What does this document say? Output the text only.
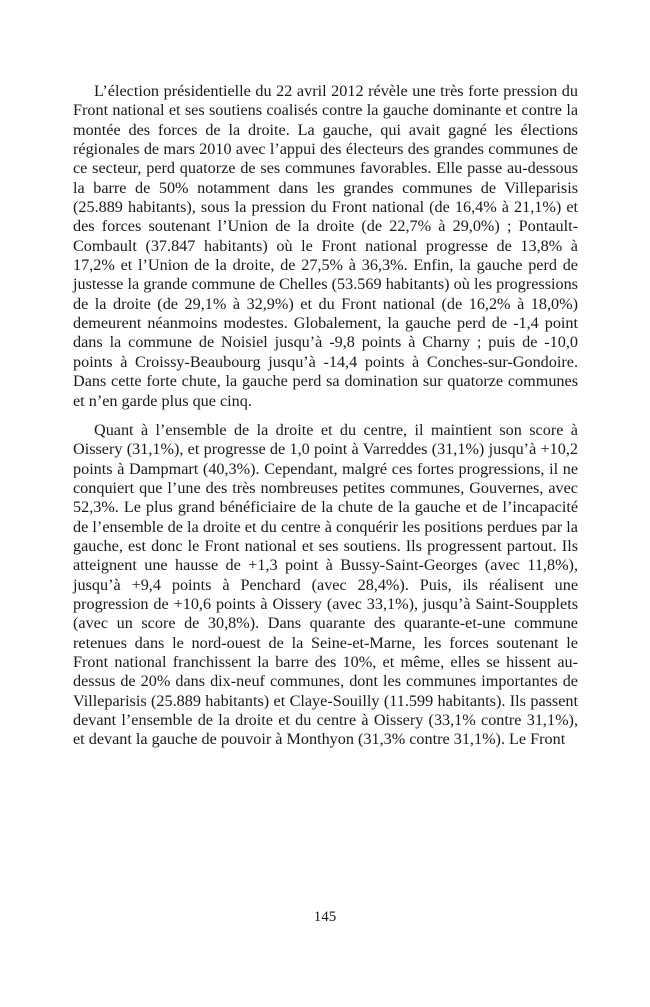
L’élection présidentielle du 22 avril 2012 révèle une très forte pression du Front national et ses soutiens coalisés contre la gauche dominante et contre la montée des forces de la droite. La gauche, qui avait gagné les élections régionales de mars 2010 avec l’appui des électeurs des grandes communes de ce secteur, perd quatorze de ses communes favorables. Elle passe au-dessous la barre de 50% notamment dans les grandes communes de Villeparisis (25.889 habitants), sous la pression du Front national (de 16,4% à 21,1%) et des forces soutenant l’Union de la droite (de 22,7% à 29,0%) ; Pontault-Combault (37.847 habitants) où le Front national progresse de 13,8% à 17,2% et l’Union de la droite, de 27,5% à 36,3%. Enfin, la gauche perd de justesse la grande commune de Chelles (53.569 habitants) où les progressions de la droite (de 29,1% à 32,9%) et du Front national (de 16,2% à 18,0%) demeurent néanmoins modestes. Globalement, la gauche perd de -1,4 point dans la commune de Noisiel jusqu’à -9,8 points à Charny ; puis de -10,0 points à Croissy-Beaubourg jusqu’à -14,4 points à Conches-sur-Gondoire. Dans cette forte chute, la gauche perd sa domination sur quatorze communes et n’en garde plus que cinq.

Quant à l’ensemble de la droite et du centre, il maintient son score à Oissery (31,1%), et progresse de 1,0 point à Varreddes (31,1%) jusqu’à +10,2 points à Dampmart (40,3%). Cependant, malgré ces fortes progressions, il ne conquiert que l’une des très nombreuses petites communes, Gouvernes, avec 52,3%. Le plus grand bénéficiaire de la chute de la gauche et de l’incapacité de l’ensemble de la droite et du centre à conquérir les positions perdues par la gauche, est donc le Front national et ses soutiens. Ils progressent partout. Ils atteignent une hausse de +1,3 point à Bussy-Saint-Georges (avec 11,8%), jusqu’à +9,4 points à Penchard (avec 28,4%). Puis, ils réalisent une progression de +10,6 points à Oissery (avec 33,1%), jusqu’à Saint-Soupplets (avec un score de 30,8%). Dans quarante des quarante-et-une commune retenues dans le nord-ouest de la Seine-et-Marne, les forces soutenant le Front national franchissent la barre des 10%, et même, elles se hissent au-dessus de 20% dans dix-neuf communes, dont les communes importantes de Villeparisis (25.889 habitants) et Claye-Souilly (11.599 habitants). Ils passent devant l’ensemble de la droite et du centre à Oissery (33,1% contre 31,1%), et devant la gauche de pouvoir à Monthyon (31,3% contre 31,1%). Le Front

145
